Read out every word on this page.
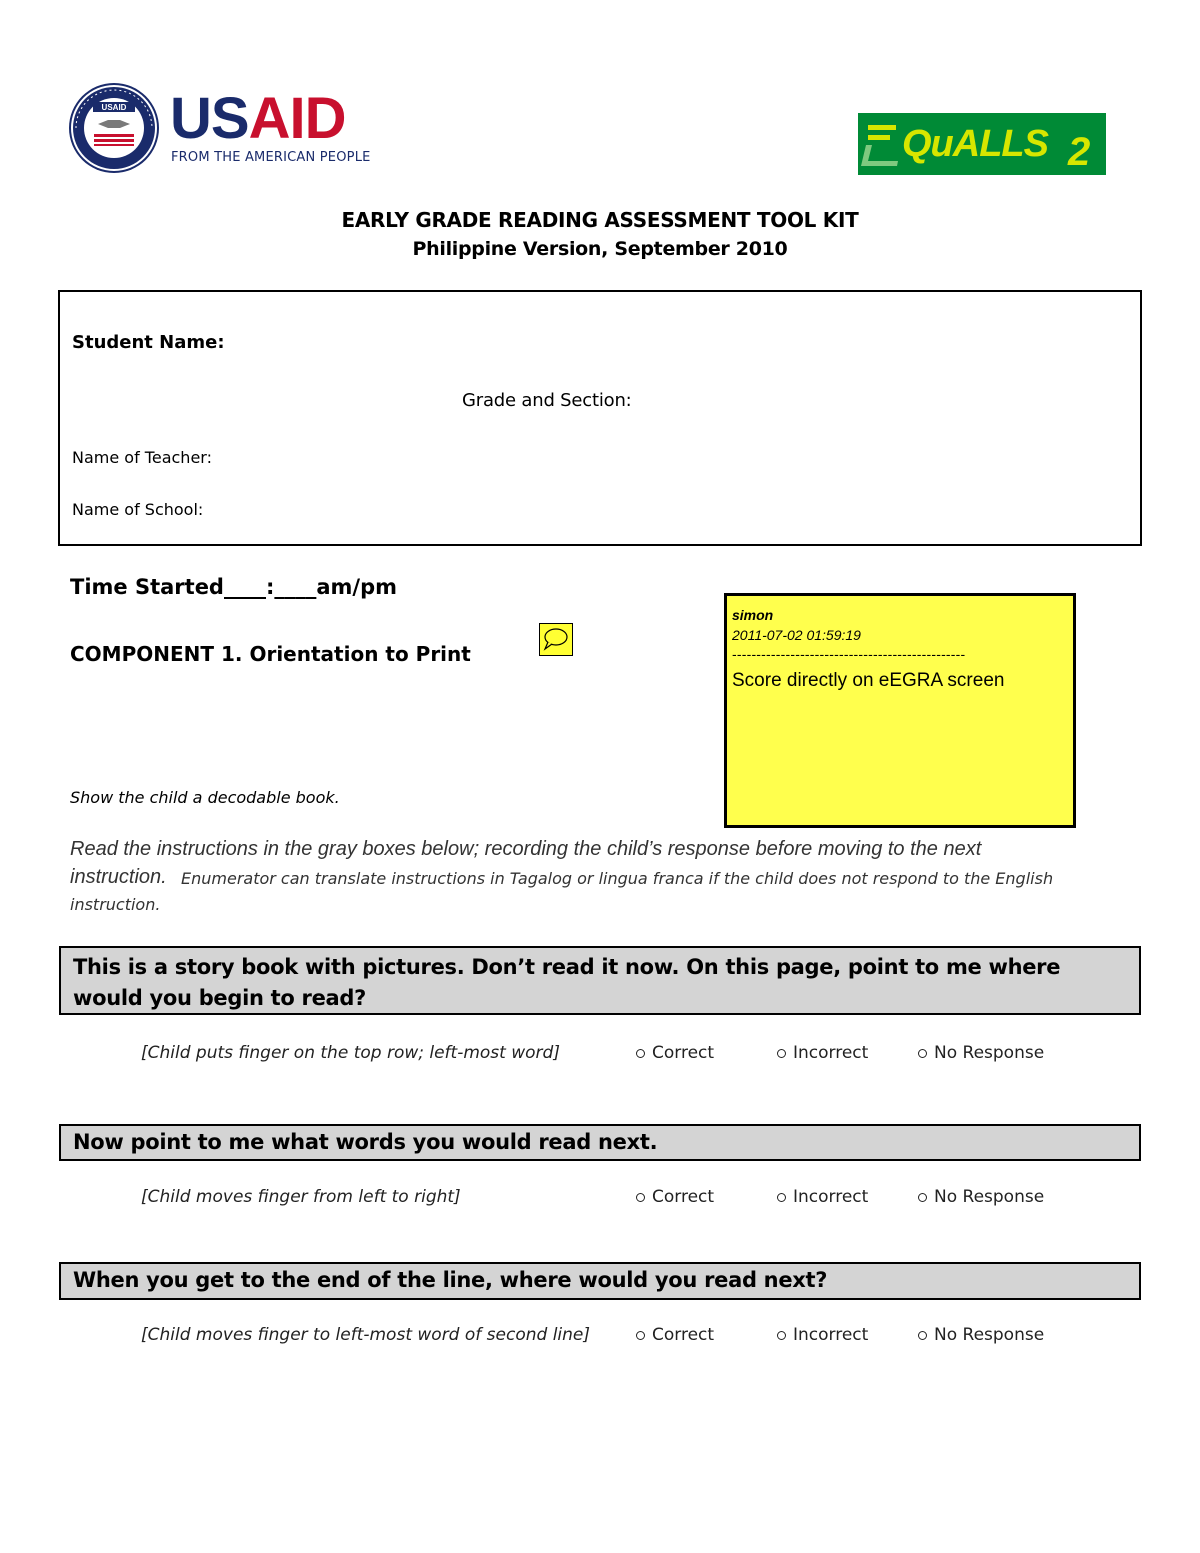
USAID USAID
FROM THE AMERICAN PEOPLE	QuALLS 2
EARLY GRADE READING ASSESSMENT TOOL KIT
Philippine Version, September 2010
Student Name:
Grade and Section:
Name of Teacher:
Name of School:
Time Started____:____am/pm
COMPONENT 1. Orientation to Print
simon
2011-07-02 01:59:19
------------------------------------------------
Score directly on eEGRA screen
Show the child a decodable book.
Read the instructions in the gray boxes below; recording the child’s response before moving to the next
instruction. Enumerator can translate instructions in Tagalog or lingua franca if the child does not respond to the English
instruction.
This is a story book with pictures. Don’t read it now. On this page, point to me where would you begin to read?
[Child puts finger on the top row; left-most word]	Correct	Incorrect	No Response
Now point to me what words you would read next.
[Child moves finger from left to right]	Correct	Incorrect	No Response
When you get to the end of the line, where would you read next?
[Child moves finger to left-most word of second line]	Correct	Incorrect	No Response
